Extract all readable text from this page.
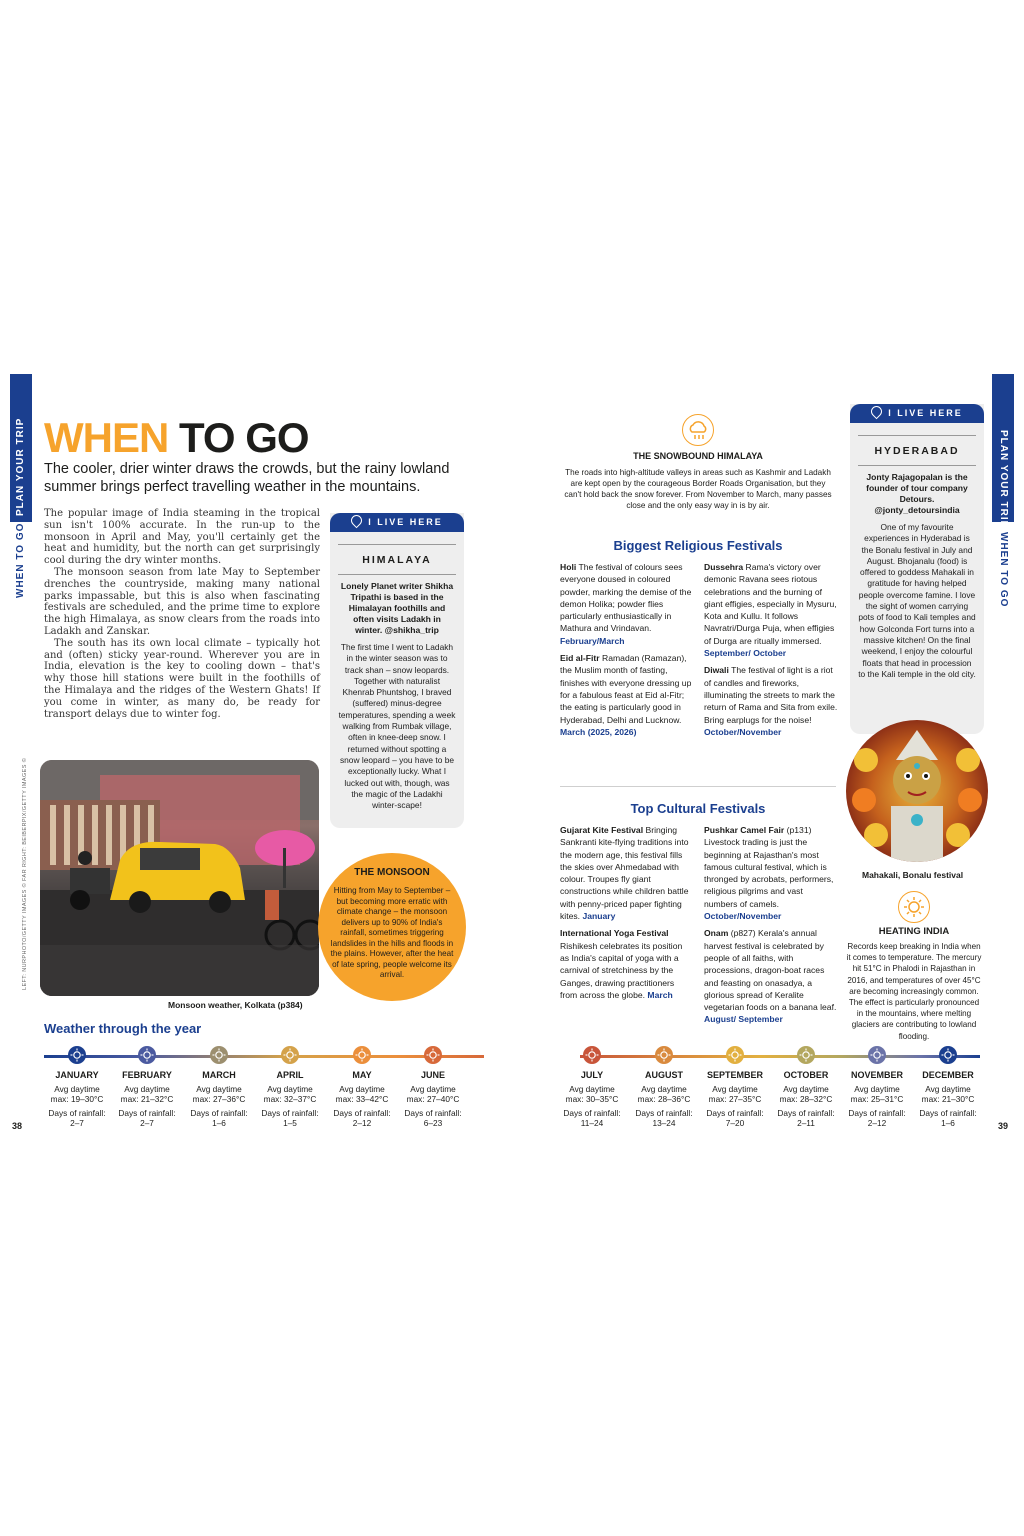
PLAN YOUR TRIP
WHEN TO GO
PLAN YOUR TRIP
WHEN TO GO
WHEN TO GO
The cooler, drier winter draws the crowds, but the rainy lowland summer brings perfect travelling weather in the mountains.

The popular image of India steaming in the tropical sun isn't 100% accurate. In the run-up to the monsoon in April and May, you'll certainly get the heat and humidity, but the north can get surprisingly cool during the dry winter months.

The monsoon season from late May to September drenches the countryside, making many national parks impassable, but this is also when fascinating festivals are scheduled, and the prime time to explore the high Himalaya, as snow clears from the roads into Ladakh and Zanskar.

The south has its own local climate – typically hot and (often) sticky year-round. Wherever you are in India, elevation is the key to cooling down – that's why those hill stations were built in the foothills of the Himalaya and the ridges of the Western Ghats! If you come in winter, as many do, be ready for transport delays due to winter fog.

I LIVE HERE
HIMALAYA
Lonely Planet writer Shikha Tripathi is based in the Himalayan foothills and often visits Ladakh in winter. @shikha_trip
The first time I went to Ladakh in the winter season was to track shan – snow leopards. Together with naturalist Khenrab Phuntshog, I braved (suffered) minus-degree temperatures, spending a week walking from Rumbak village, often in knee-deep snow. I returned without spotting a snow leopard – you have to be exceptionally lucky. What I lucked out with, though, was the magic of the Ladakhi winter-scape!
LEFT: NURPHOTO/GETTY IMAGES © FAR RIGHT: BEIBERPIX/GETTY IMAGES ©
Monsoon weather, Kolkata (p384)
THE MONSOON
Hitting from May to September – but becoming more erratic with climate change – the monsoon delivers up to 90% of India's rainfall, sometimes triggering landslides in the hills and floods in the plains. However, after the heat of late spring, people welcome its arrival.
THE SNOWBOUND HIMALAYA
The roads into high-altitude valleys in areas such as Kashmir and Ladakh are kept open by the courageous Border Roads Organisation, but they can't hold back the snow forever. From November to March, many passes close and the only easy way in is by air.
Biggest Religious Festivals

Holi The festival of colours sees everyone doused in coloured powder, marking the demise of the demon Holika; powder flies particularly enthusiastically in Mathura and Vrindavan. February/March

Eid al-Fitr Ramadan (Ramazan), the Muslim month of fasting, finishes with everyone dressing up for a fabulous feast at Eid al-Fitr; the eating is particularly good in Hyderabad, Delhi and Lucknow. March (2025, 2026)

Dussehra Rama's victory over demonic Ravana sees riotous celebrations and the burning of giant effigies, especially in Mysuru, Kota and Kullu. It follows Navratri/Durga Puja, when effigies of Durga are ritually immersed. September/ October

Diwali The festival of light is a riot of candles and fireworks, illuminating the streets to mark the return of Rama and Sita from exile. Bring earplugs for the noise! October/November

Top Cultural Festivals

Gujarat Kite Festival Bringing Sankranti kite-flying traditions into the modern age, this festival fills the skies over Ahmedabad with colour. Troupes fly giant constructions while children battle with penny-priced paper fighting kites. January

International Yoga Festival Rishikesh celebrates its position as India's capital of yoga with a carnival of stretchiness by the Ganges, drawing practitioners from across the globe. March

Pushkar Camel Fair (p131) Livestock trading is just the beginning at Rajasthan's most famous cultural festival, which is thronged by acrobats, performers, religious pilgrims and vast numbers of camels. October/November

Onam (p827) Kerala's annual harvest festival is celebrated by people of all faiths, with processions, dragon-boat races and feasting on onasadya, a glorious spread of Keralite vegetarian foods on a banana leaf. August/ September

I LIVE HERE
HYDERABAD
Jonty Rajagopalan is the founder of tour company Detours. @jonty_detoursindia
One of my favourite experiences in Hyderabad is the Bonalu festival in July and August. Bhojanalu (food) is offered to goddess Mahakali in gratitude for having helped people overcome famine. I love the sight of women carrying pots of food to Kali temples and how Golconda Fort turns into a massive kitchen! On the final weekend, I enjoy the colourful floats that head in procession to the Kali temple in the old city.
Mahakali, Bonalu festival
HEATING INDIA
Records keep breaking in India when it comes to temperature. The mercury hit 51°C in Phalodi in Rajasthan in 2016, and temperatures of over 45°C are becoming increasingly common. The effect is particularly pronounced in the mountains, where melting glaciers are contributing to lowland flooding.
Weather through the year
JANUARY
Avg daytime
max: 19–30°C
Days of rainfall:
2–7
FEBRUARY
Avg daytime
max: 21–32°C
Days of rainfall:
2–7
MARCH
Avg daytime
max: 27–36°C
Days of rainfall:
1–6
APRIL
Avg daytime
max: 32–37°C
Days of rainfall:
1–5
MAY
Avg daytime
max: 33–42°C
Days of rainfall:
2–12
JUNE
Avg daytime
max: 27–40°C
Days of rainfall:
6–23
JULY
Avg daytime
max: 30–35°C
Days of rainfall:
11–24
AUGUST
Avg daytime
max: 28–36°C
Days of rainfall:
13–24
SEPTEMBER
Avg daytime
max: 27–35°C
Days of rainfall:
7–20
OCTOBER
Avg daytime
max: 28–32°C
Days of rainfall:
2–11
NOVEMBER
Avg daytime
max: 25–31°C
Days of rainfall:
2–12
DECEMBER
Avg daytime
max: 21–30°C
Days of rainfall:
1–6
38	39
